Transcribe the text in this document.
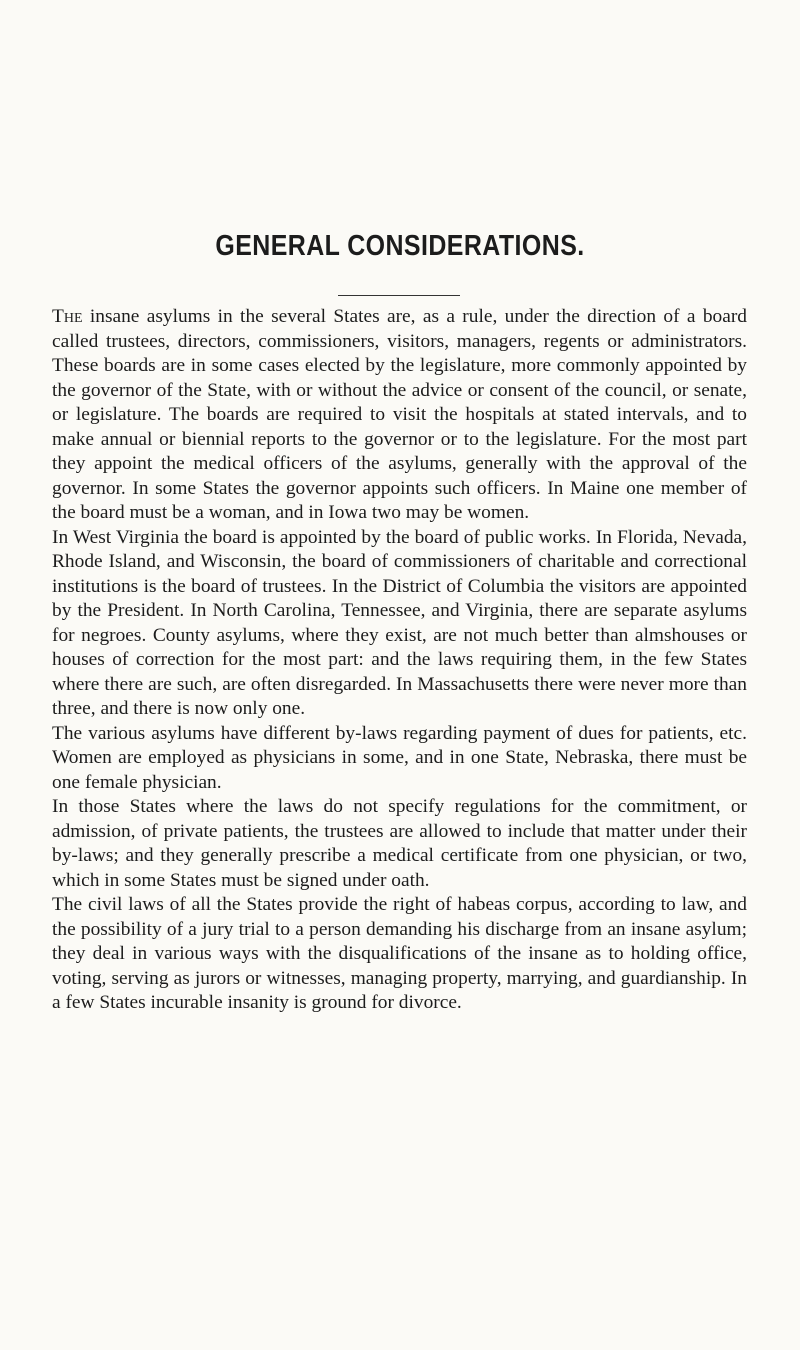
GENERAL CONSIDERATIONS.

The insane asylums in the several States are, as a rule, under the direction of a board called trustees, directors, commissioners, visitors, managers, regents or administrators. These boards are in some cases elected by the legislature, more commonly appointed by the governor of the State, with or without the advice or consent of the council, or senate, or legislature. The boards are required to visit the hospitals at stated intervals, and to make annual or biennial reports to the governor or to the legislature. For the most part they appoint the medical officers of the asylums, generally with the approval of the governor. In some States the governor appoints such officers. In Maine one member of the board must be a woman, and in Iowa two may be women.

In West Virginia the board is appointed by the board of public works. In Florida, Nevada, Rhode Island, and Wisconsin, the board of commissioners of charitable and correctional institutions is the board of trustees. In the District of Columbia the visitors are appointed by the President. In North Carolina, Tennessee, and Virginia, there are separate asylums for negroes. County asylums, where they exist, are not much better than almshouses or houses of correction for the most part: and the laws requiring them, in the few States where there are such, are often disregarded. In Massachusetts there were never more than three, and there is now only one.

The various asylums have different by-laws regarding payment of dues for patients, etc. Women are employed as physicians in some, and in one State, Nebraska, there must be one female physician.

In those States where the laws do not specify regulations for the commitment, or admission, of private patients, the trustees are allowed to include that matter under their by-laws; and they generally prescribe a medical certificate from one physician, or two, which in some States must be signed under oath.

The civil laws of all the States provide the right of habeas corpus, according to law, and the possibility of a jury trial to a person demanding his discharge from an insane asylum; they deal in various ways with the disqualifications of the insane as to holding office, voting, serving as jurors or witnesses, managing property, marrying, and guardianship. In a few States incurable insanity is ground for divorce.
